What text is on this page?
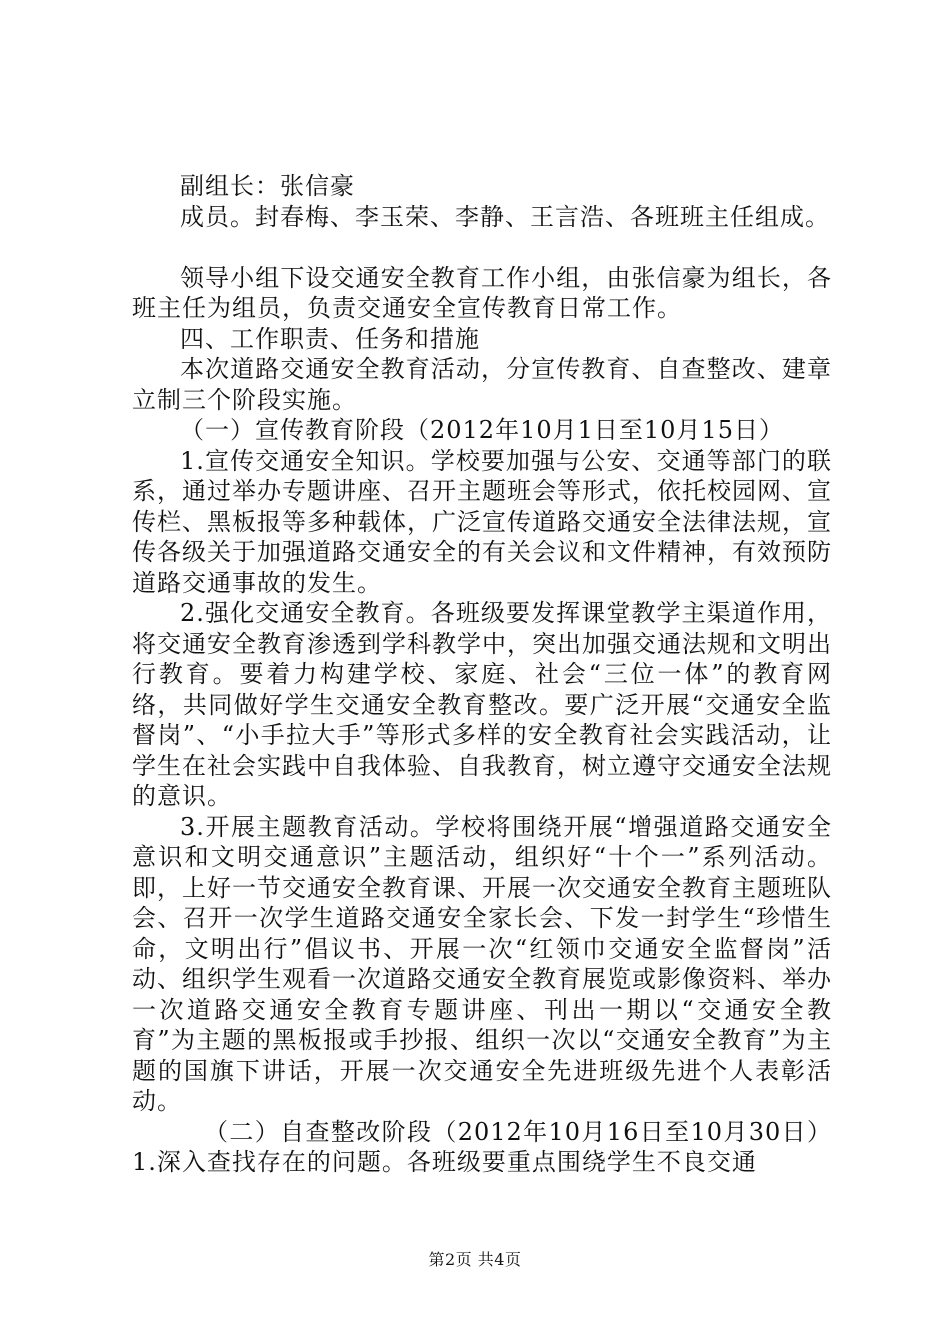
副组长：张信豪

成员。封春梅、李玉荣、李静、王言浩、各班班主任组成。

领导小组下设交通安全教育工作小组，由张信豪为组长，各班主任为组员，负责交通安全宣传教育日常工作。

四、工作职责、任务和措施

本次道路交通安全教育活动，分宣传教育、自查整改、建章立制三个阶段实施。

（一）宣传教育阶段（2012年10月1日至10月15日）

1.宣传交通安全知识。学校要加强与公安、交通等部门的联系，通过举办专题讲座、召开主题班会等形式，依托校园网、宣传栏、黑板报等多种载体，广泛宣传道路交通安全法律法规，宣传各级关于加强道路交通安全的有关会议和文件精神，有效预防道路交通事故的发生。

2.强化交通安全教育。各班级要发挥课堂教学主渠道作用，将交通安全教育渗透到学科教学中，突出加强交通法规和文明出行教育。要着力构建学校、家庭、社会“三位一体”的教育网络，共同做好学生交通安全教育整改。要广泛开展“交通安全监督岗”、“小手拉大手”等形式多样的安全教育社会实践活动，让学生在社会实践中自我体验、自我教育，树立遵守交通安全法规的意识。

3.开展主题教育活动。学校将围绕开展“增强道路交通安全意识和文明交通意识”主题活动，组织好“十个一”系列活动。即，上好一节交通安全教育课、开展一次交通安全教育主题班队会、召开一次学生道路交通安全家长会、下发一封学生“珍惜生命，文明出行”倡议书、开展一次“红领巾交通安全监督岗”活动、组织学生观看一次道路交通安全教育展览或影像资料、举办一次道路交通安全教育专题讲座、刊出一期以“交通安全教育”为主题的黑板报或手抄报、组织一次以“交通安全教育”为主题的国旗下讲话，开展一次交通安全先进班级先进个人表彰活动。

（二）自查整改阶段（2012年10月16日至10月30日）1.深入查找存在的问题。各班级要重点围绕学生不良交通

第2页 共4页
